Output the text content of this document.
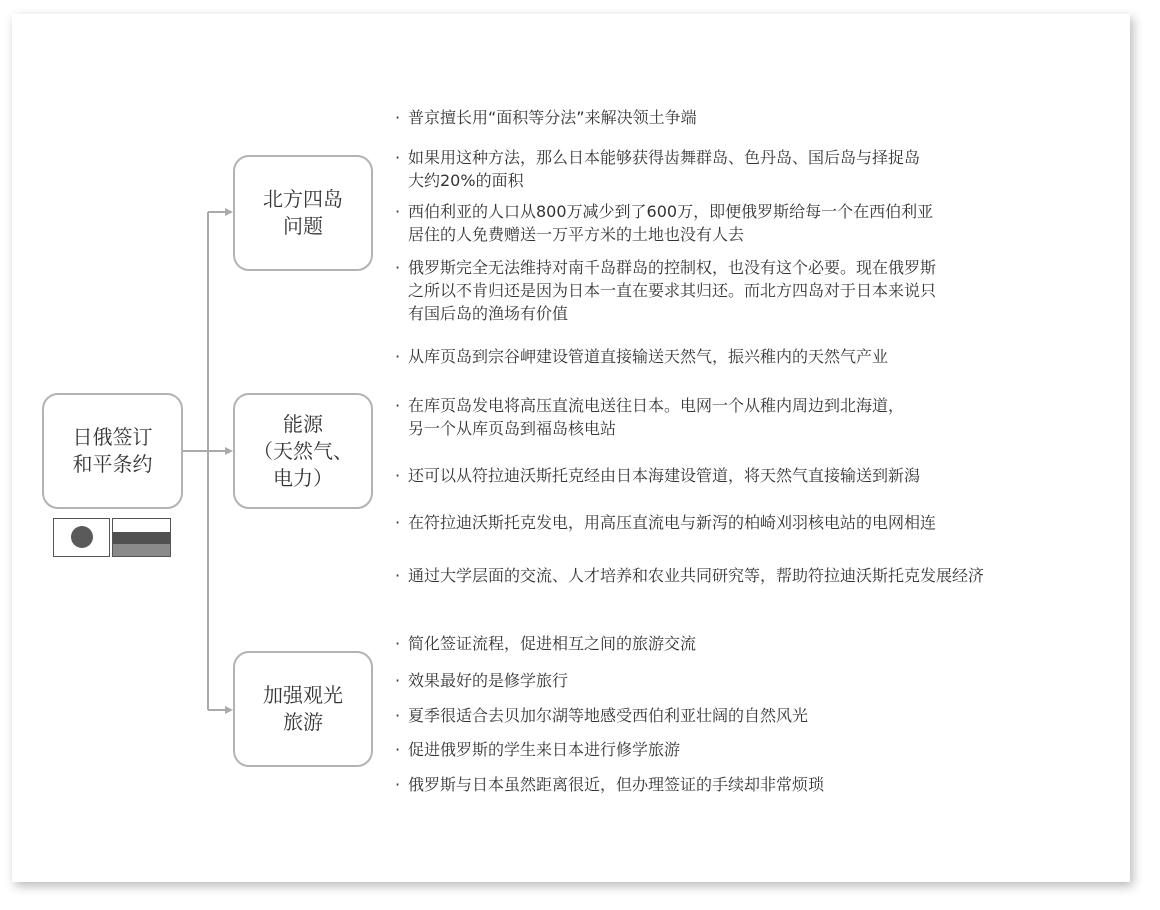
日俄签订
和平条约
北方四岛
问题
能源
（天然气、
电力）
加强观光
旅游
· 普京擅长用“面积等分法”来解决领土争端
· 如果用这种方法，那么日本能够获得齿舞群岛、色丹岛、国后岛与择捉岛
大约20%的面积
· 西伯利亚的人口从800万减少到了600万，即便俄罗斯给每一个在西伯利亚
居住的人免费赠送一万平方米的土地也没有人去
· 俄罗斯完全无法维持对南千岛群岛的控制权，也没有这个必要。现在俄罗斯
之所以不肯归还是因为日本一直在要求其归还。而北方四岛对于日本来说只
有国后岛的渔场有价值
· 从库页岛到宗谷岬建设管道直接输送天然气，振兴稚内的天然气产业
· 在库页岛发电将高压直流电送往日本。电网一个从稚内周边到北海道，
另一个从库页岛到福岛核电站
· 还可以从符拉迪沃斯托克经由日本海建设管道，将天然气直接输送到新潟
· 在符拉迪沃斯托克发电，用高压直流电与新泻的柏崎刈羽核电站的电网相连
· 通过大学层面的交流、人才培养和农业共同研究等，帮助符拉迪沃斯托克发展经济
· 简化签证流程，促进相互之间的旅游交流
· 效果最好的是修学旅行
· 夏季很适合去贝加尔湖等地感受西伯利亚壮阔的自然风光
· 促进俄罗斯的学生来日本进行修学旅游
· 俄罗斯与日本虽然距离很近，但办理签证的手续却非常烦琐
